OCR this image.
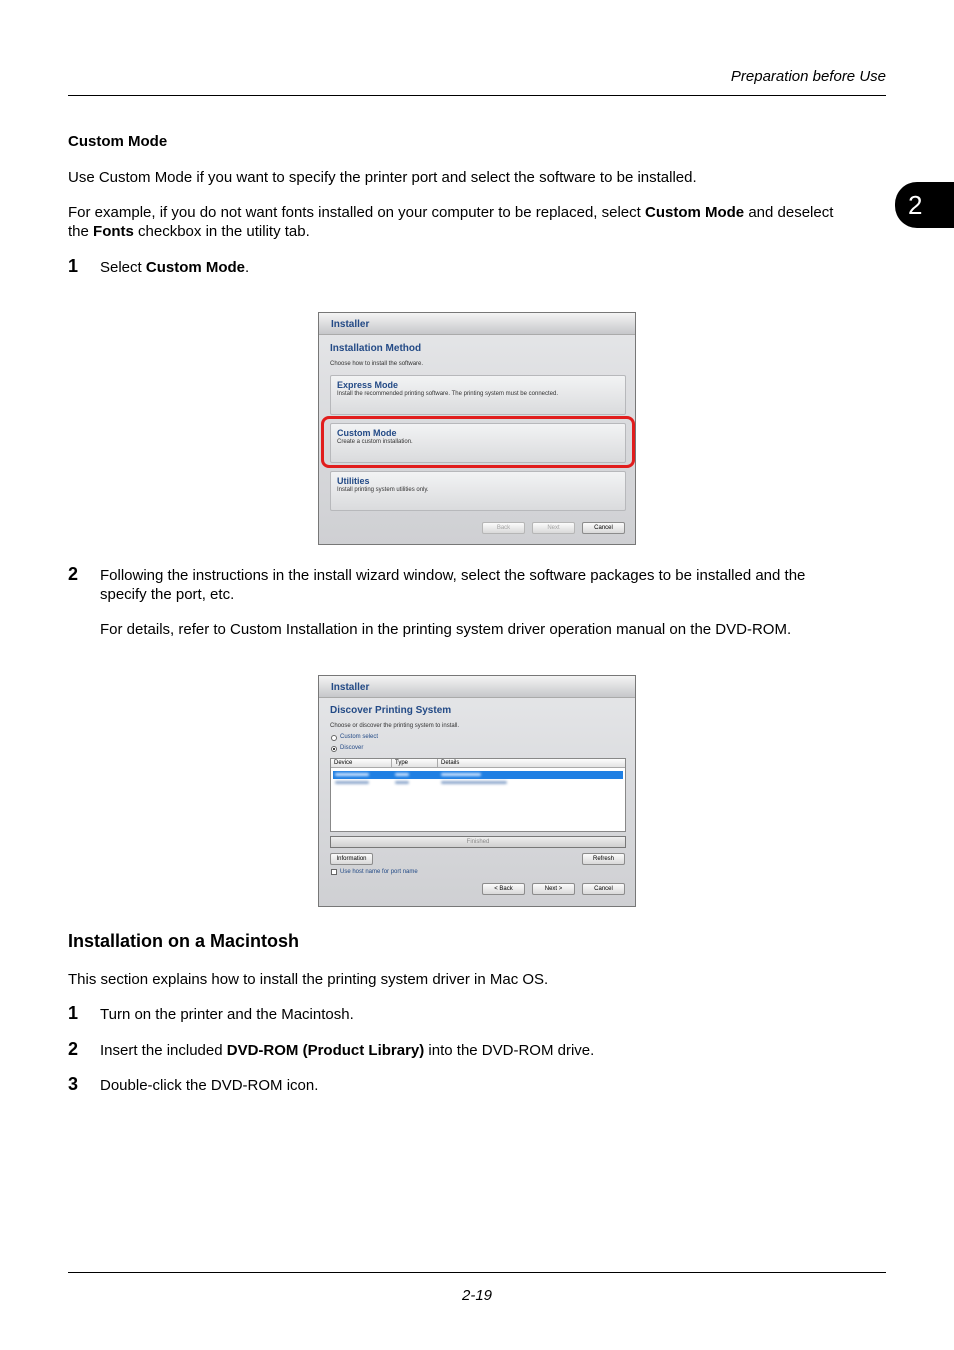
Preparation before Use
2
Custom Mode
Use Custom Mode if you want to specify the printer port and select the software to be installed.
For example, if you do not want fonts installed on your computer to be replaced, select Custom Mode and deselect
the Fonts checkbox in the utility tab.
1 Select Custom Mode.
Installer
Installation Method
Choose how to install the software.
Express Mode
Install the recommended printing software. The printing system must be connected.
Custom Mode
Create a custom installation.
Utilities
Install printing system utilities only.
Back	Next	Cancel
2 Following the instructions in the install wizard window, select the software packages to be installed and the
specify the port, etc.
For details, refer to Custom Installation in the printing system driver operation manual on the DVD-ROM.
Installer
Discover Printing System
Choose or discover the printing system to install.
Custom select
Discover
Device	Type	Details
Finished
Information	Refresh
Use host name for port name
< Back	Next >	Cancel
Installation on a Macintosh
This section explains how to install the printing system driver in Mac OS.
1 Turn on the printer and the Macintosh.
2 Insert the included DVD-ROM (Product Library) into the DVD-ROM drive.
3 Double-click the DVD-ROM icon.
2-19
